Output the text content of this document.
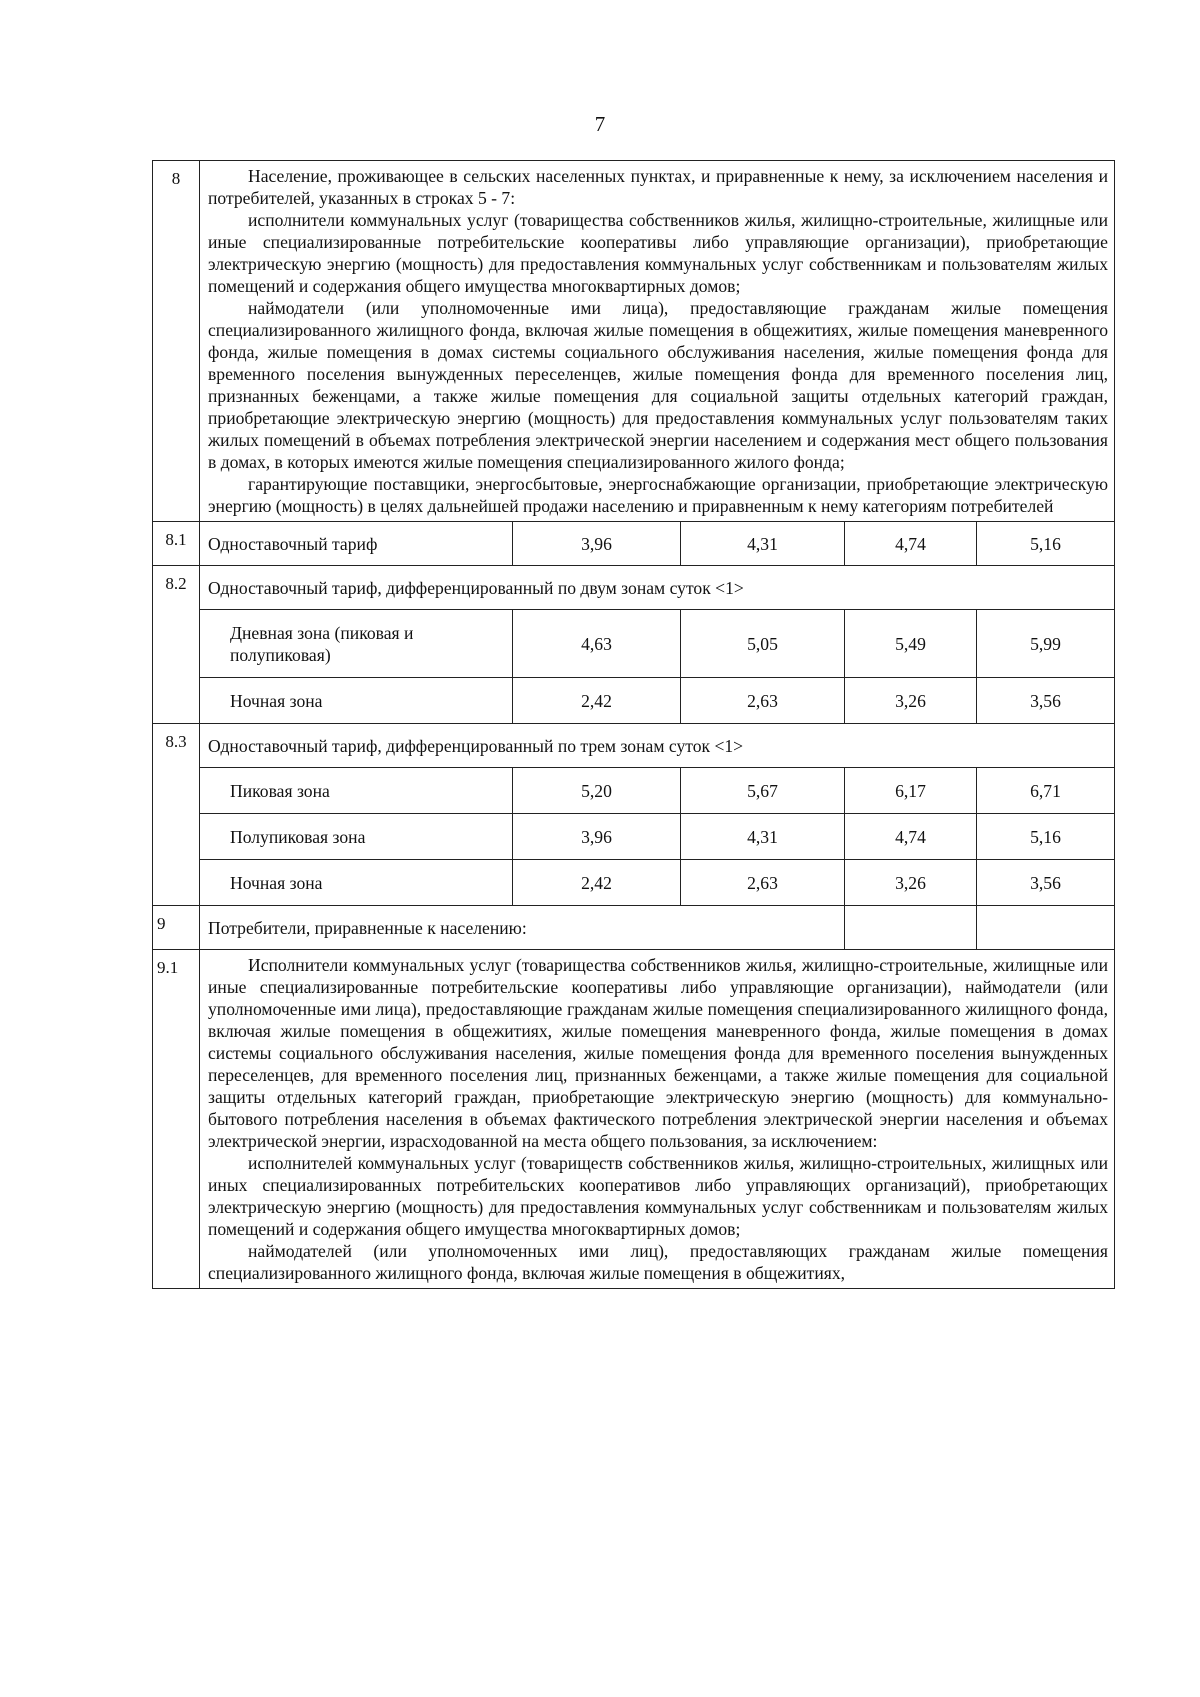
7
8	Население, проживающее в сельских населенных пунктах, и приравненные к нему, за исключением населения и потребителей, указанных в строках 5 - 7:

исполнители коммунальных услуг (товарищества собственников жилья, жилищно-строительные, жилищные или иные специализированные потребительские кооперативы либо управляющие организации), приобретающие электрическую энергию (мощность) для предоставления коммунальных услуг собственникам и пользователям жилых помещений и содержания общего имущества многоквартирных домов;

наймодатели (или уполномоченные ими лица), предоставляющие гражданам жилые помещения специализированного жилищного фонда, включая жилые помещения в общежитиях, жилые помещения маневренного фонда, жилые помещения в домах системы социального обслуживания населения, жилые помещения фонда для временного поселения вынужденных переселенцев, жилые помещения фонда для временного поселения лиц, признанных беженцами, а также жилые помещения для социальной защиты отдельных категорий граждан, приобретающие электрическую энергию (мощность) для предоставления коммунальных услуг пользователям таких жилых помещений в объемах потребления электрической энергии населением и содержания мест общего пользования в домах, в которых имеются жилые помещения специализированного жилого фонда;

гарантирующие поставщики, энергосбытовые, энергоснабжающие организации, приобретающие электрическую энергию (мощность) в целях дальнейшей продажи населению и приравненным к нему категориям потребителей				

8.1	Одноставочный тариф	3,96	4,31	4,74	5,16
8.2	Одноставочный тариф, дифференцированный по двум зонам суток <1>				
	Дневная зона (пиковая и полупиковая)	4,63	5,05	5,49	5,99
	Ночная зона	2,42	2,63	3,26	3,56
8.3	Одноставочный тариф, дифференцированный по трем зонам суток <1>				
	Пиковая зона	5,20	5,67	6,17	6,71
	Полупиковая зона	3,96	4,31	4,74	5,16
	Ночная зона	2,42	2,63	3,26	3,56
9	Потребители, приравненные к населению:				
9.1	Исполнители коммунальных услуг (товарищества собственников жилья, жилищно-строительные, жилищные или иные специализированные потребительские кооперативы либо управляющие организации), наймодатели (или уполномоченные ими лица), предоставляющие гражданам жилые помещения специализированного жилищного фонда, включая жилые помещения в общежитиях, жилые помещения маневренного фонда, жилые помещения в домах системы социального обслуживания населения, жилые помещения фонда для временного поселения вынужденных переселенцев, для временного поселения лиц, признанных беженцами, а также жилые помещения для социальной защиты отдельных категорий граждан, приобретающие электрическую энергию (мощность) для коммунально-бытового потребления населения в объемах фактического потребления электрической энергии населения и объемах электрической энергии, израсходованной на места общего пользования, за исключением:

исполнителей коммунальных услуг (товариществ собственников жилья, жилищно-строительных, жилищных или иных специализированных потребительских кооперативов либо управляющих организаций), приобретающих электрическую энергию (мощность) для предоставления коммунальных услуг собственникам и пользователям жилых помещений и содержания общего имущества многоквартирных домов;

наймодателей (или уполномоченных ими лиц), предоставляющих гражданам жилые помещения специализированного жилищного фонда, включая жилые помещения в общежитиях,				
